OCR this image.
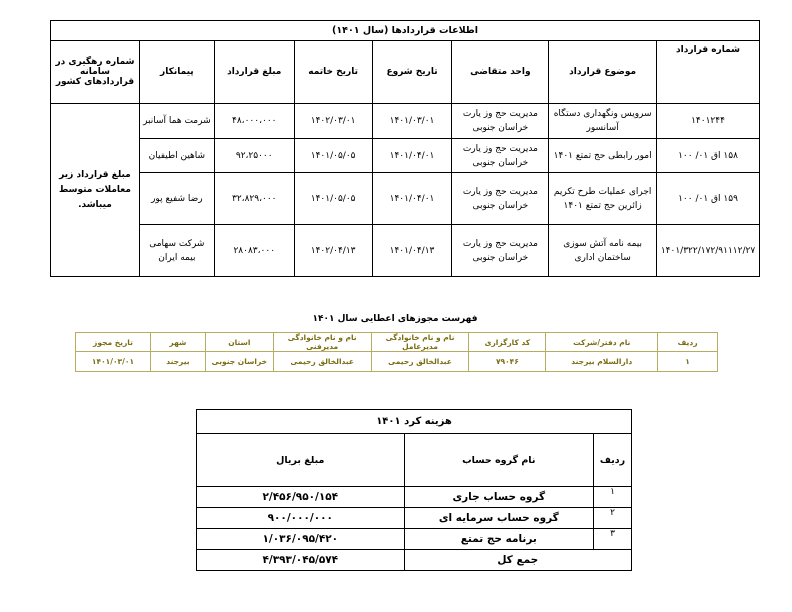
اطلاعات قراردادها (سال ۱۴۰۱)							
شماره قرارداد	موضوع قرارداد	واحد متقاضی	تاریخ شروع	تاریخ خاتمه	مبلغ قرارداد	پیمانکار	شماره رهگیری در سامانه قراردادهای کشور
۱۴۰۱۲۴۴	سرویس ونگهداری دستگاه آسانسور	مدیریت حج وز یارت خراسان جنوبی	۱۴۰۱/۰۳/۰۱	۱۴۰۲/۰۳/۰۱	۴۸،۰۰۰،۰۰۰	شرمت هما آسانبر	مبلغ قرارداد زیر معاملات متوسط میباشد.
۱۵۸ اق ۰۱/ ۱۰۰	امور رابطی حج تمتع ۱۴۰۱	مدیریت حج وز یارت خراسان جنوبی	۱۴۰۱/۰۴/۰۱	۱۴۰۱/۰۵/۰۵	۹۲،۲۵۰۰۰	شاهین اطیفیان	
۱۵۹ اق ۰۱/ ۱۰۰	اجرای عملیات طرح تکریم زائرین حج تمتع ۱۴۰۱	مدیریت حج وز یارت خراسان جنوبی	۱۴۰۱/۰۴/۰۱	۱۴۰۱/۰۵/۰۵	۳۲،۸۲۹،۰۰۰	رضا شفیع پور	
۱۴۰۱/۳۲۲/۱۷۲/۹۱۱۱۲/۲۷	بیمه نامه آتش سوزی ساختمان اداری	مدیریت حج وز یارت خراسان جنوبی	۱۴۰۱/۰۴/۱۳	۱۴۰۲/۰۴/۱۳	۲۸۰۸۳،۰۰۰	شرکت سهامی بیمه ایران	
فهرست مجوزهای اعطایی سال ۱۴۰۱
ردیف	نام دفتر/شرکت	کد کارگزاری	نام و نام خانوادگی مدیرعامل	نام و نام خانوادگی مدیرفنی	استان	شهر	تاریخ مجوز
۱	دارالسلام بیرجند	۷۹۰۴۶	عبدالخالق رحیمی	عبدالخالق رحیمی	خراسان جنوبی	بیرجند	۱۴۰۱/۰۳/۰۱
هزینه کرد ۱۴۰۱		
ردیف	نام گروه حساب	مبلغ بریال
۱	گروه حساب جاری	۲/۴۵۶/۹۵۰/۱۵۴
۲	گروه حساب سرمایه ای	۹۰۰/۰۰۰/۰۰۰
۳	برنامه حج تمتع	۱/۰۳۶/۰۹۵/۴۲۰
جمع کل		۴/۳۹۳/۰۴۵/۵۷۴
